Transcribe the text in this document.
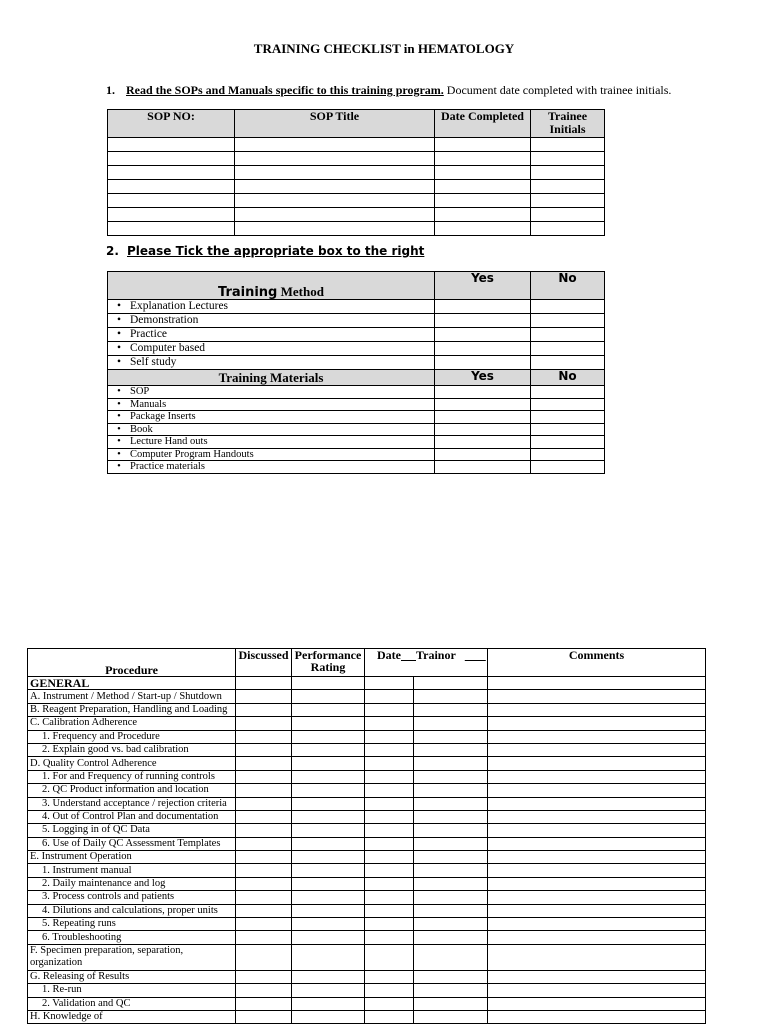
TRAINING CHECKLIST in HEMATOLOGY
1. Read the SOPs and Manuals specific to this training program. Document date completed with trainee initials.
SOP NO:	SOP Title	Date Completed	Trainee Initials

2. Please Tick the appropriate box to the right
Training Method	Yes	No
• Explanation Lectures		
• Demonstration		
• Practice		
• Computer based		
• Self study		
Training Materials	Yes	No
• SOP		
• Manuals		
• Package Inserts		
• Book		
• Lecture Hand outs		
• Computer Program Handouts		
• Practice materials		
Procedure	Discussed	Performance Rating	Date Trainor		Comments
GENERAL					
A. Instrument / Method / Start-up / Shutdown					
B. Reagent Preparation, Handling and Loading					
C. Calibration Adherence					
1. Frequency and Procedure					
2. Explain good vs. bad calibration					
D. Quality Control Adherence					
1. For and Frequency of running controls					
2. QC Product information and location					
3. Understand acceptance / rejection criteria					
4. Out of Control Plan and documentation					
5. Logging in of QC Data					
6. Use of Daily QC Assessment Templates					
E. Instrument Operation					
1. Instrument manual					
2. Daily maintenance and log					
3. Process controls and patients					
4. Dilutions and calculations, proper units					
5. Repeating runs					
6. Troubleshooting					
F. Specimen preparation, separation, organization					
G. Releasing of Results					
1. Re-run					
2. Validation and QC					
H. Knowledge of					
